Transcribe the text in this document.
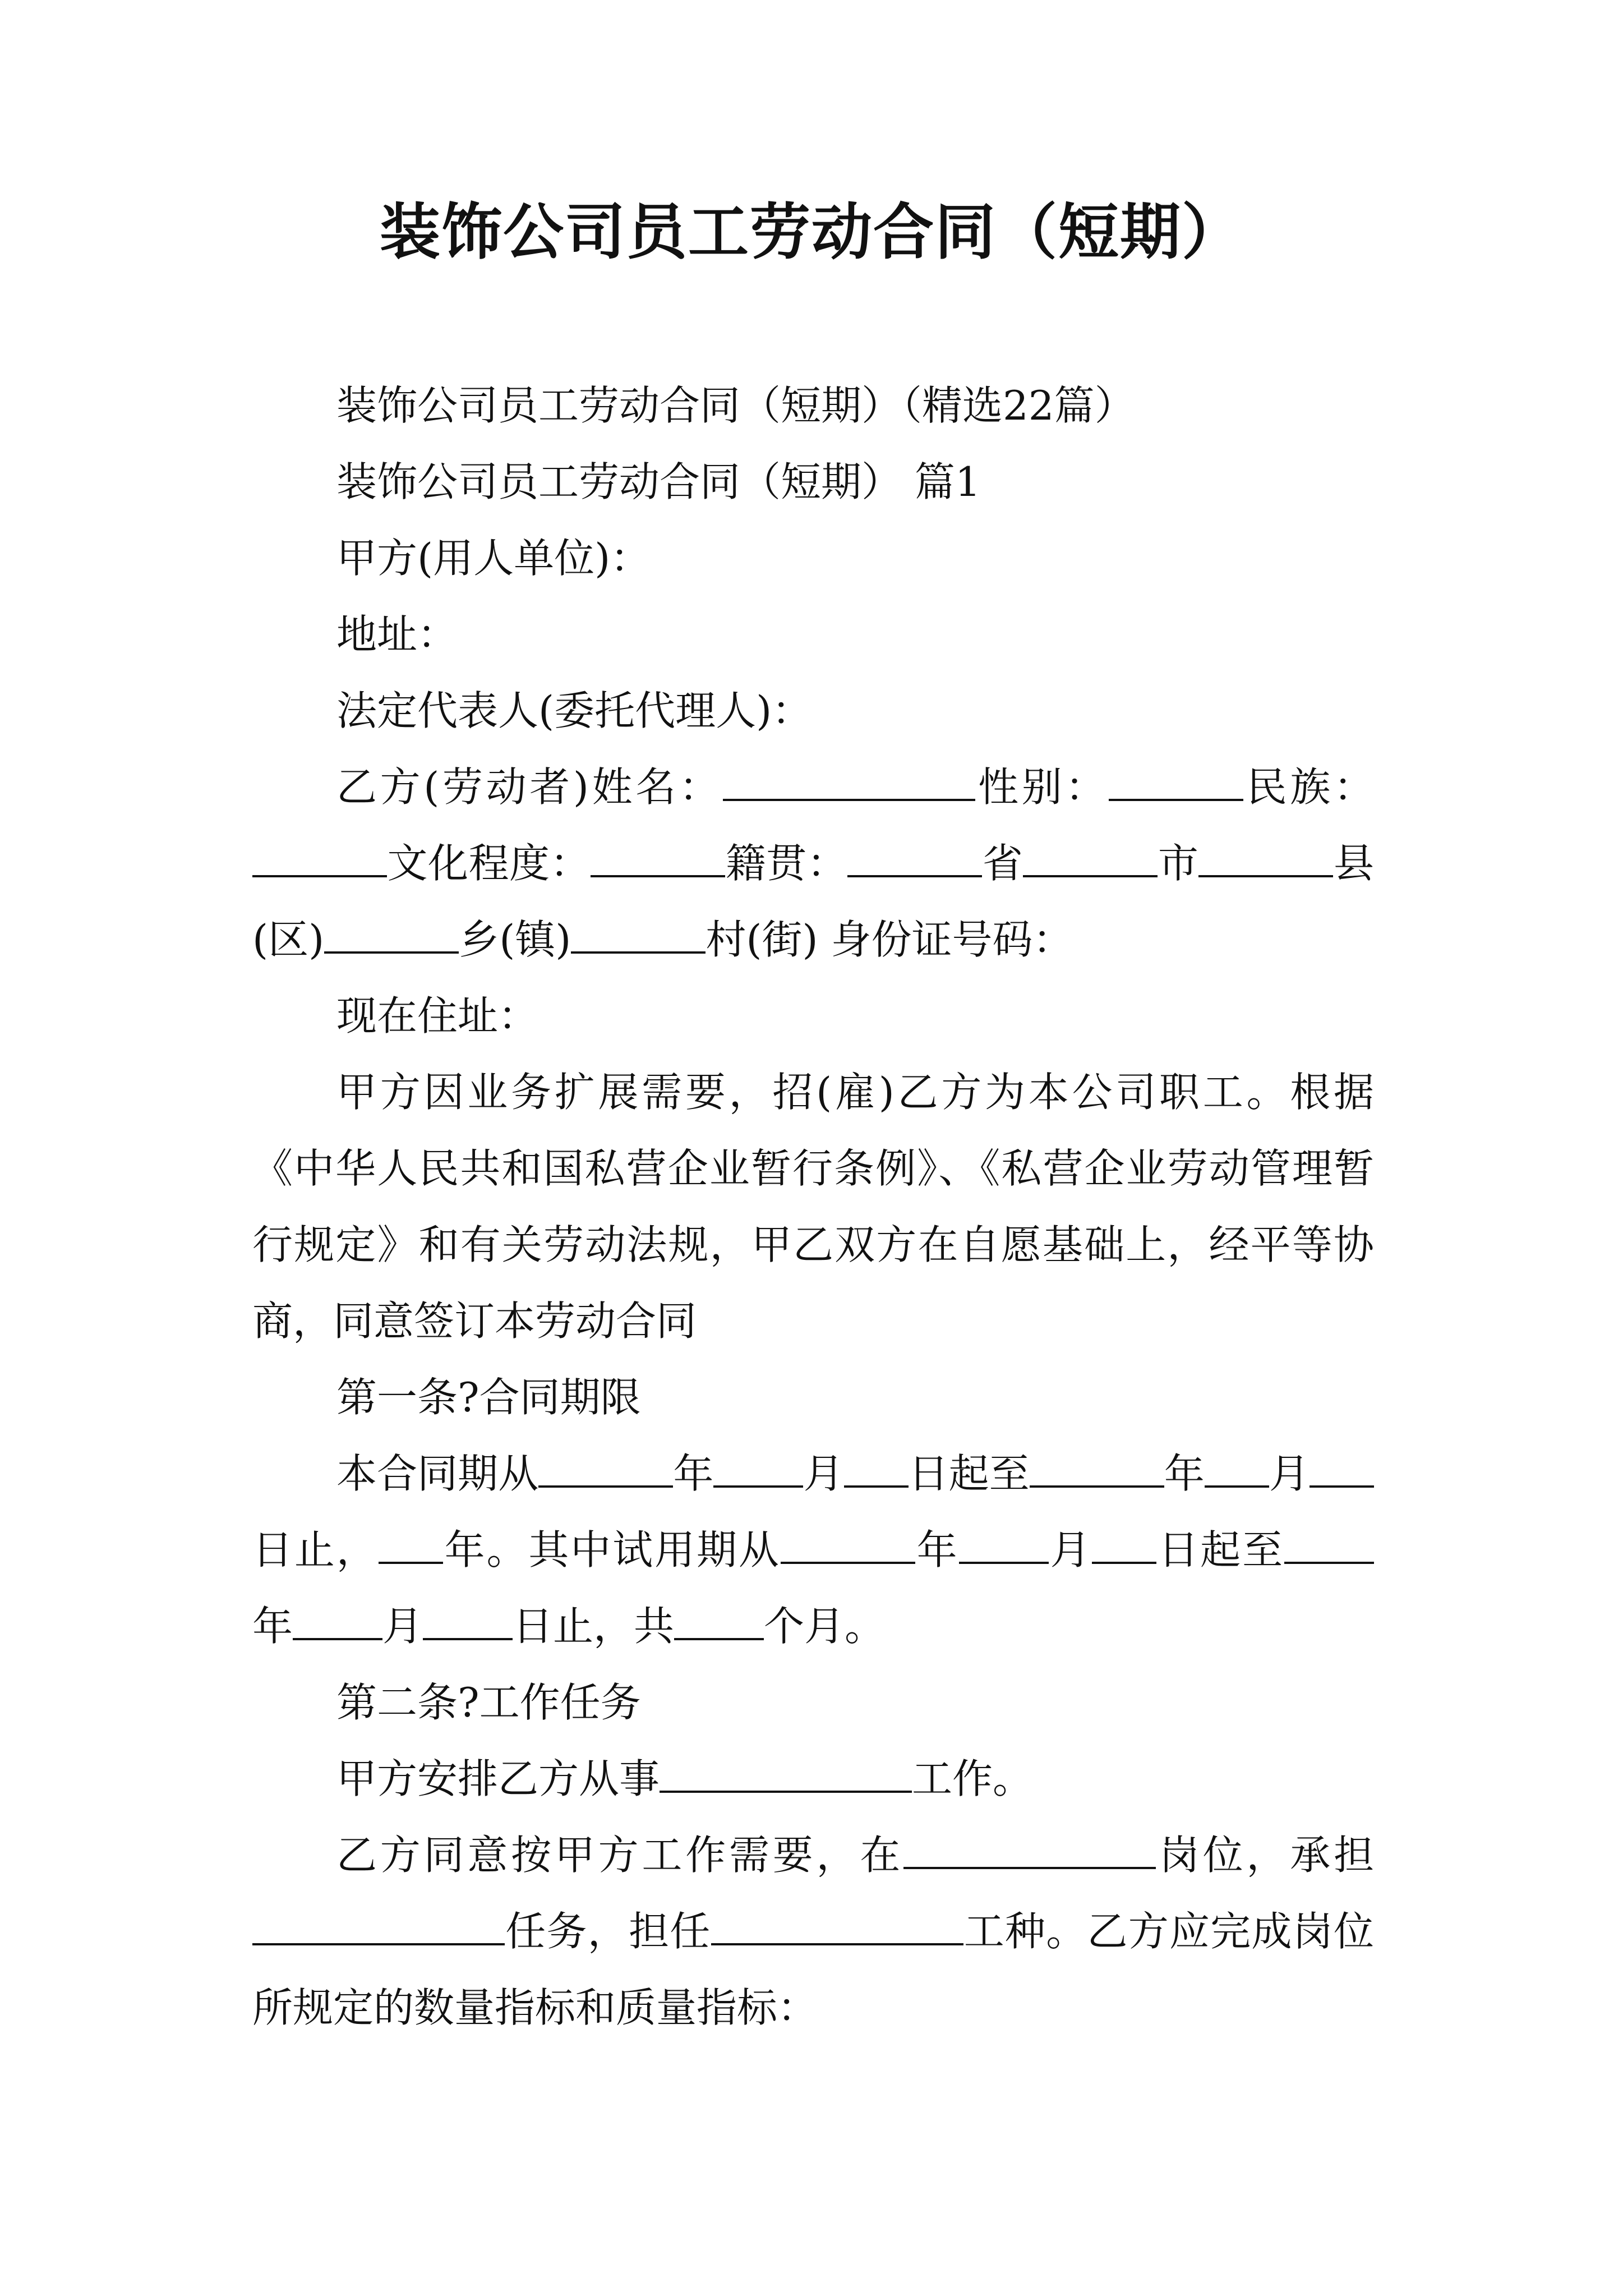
装饰公司员工劳动合同（短期）

装饰公司员工劳动合同（短期）（精选22篇）

装饰公司员工劳动合同（短期） 篇1

甲方(用人单位)：

地址：

法定代表人(委托代理人)：

乙方(劳动者)姓名：	性别：	民族：文化程度：	籍贯：	省	市	县(区)	乡(镇)	村(街) 身份证号码：

现在住址：

甲方因业务扩展需要，招(雇)乙方为本公司职工。根据《中华人民共和国私营企业暂行条例》、《私营企业劳动管理暂行规定》和有关劳动法规，甲乙双方在自愿基础上，经平等协商，同意签订本劳动合同

第一条?合同期限

本合同期从	年 月 日起至	年 月日止， 年。其中试用期从	年 月 日起至年 月 日止，共 个月。

第二条?工作任务

甲方安排乙方从事	工作。

乙方同意按甲方工作需要，在	岗位，承担任务，担任	工种。乙方应完成岗位所规定的数量指标和质量指标：
